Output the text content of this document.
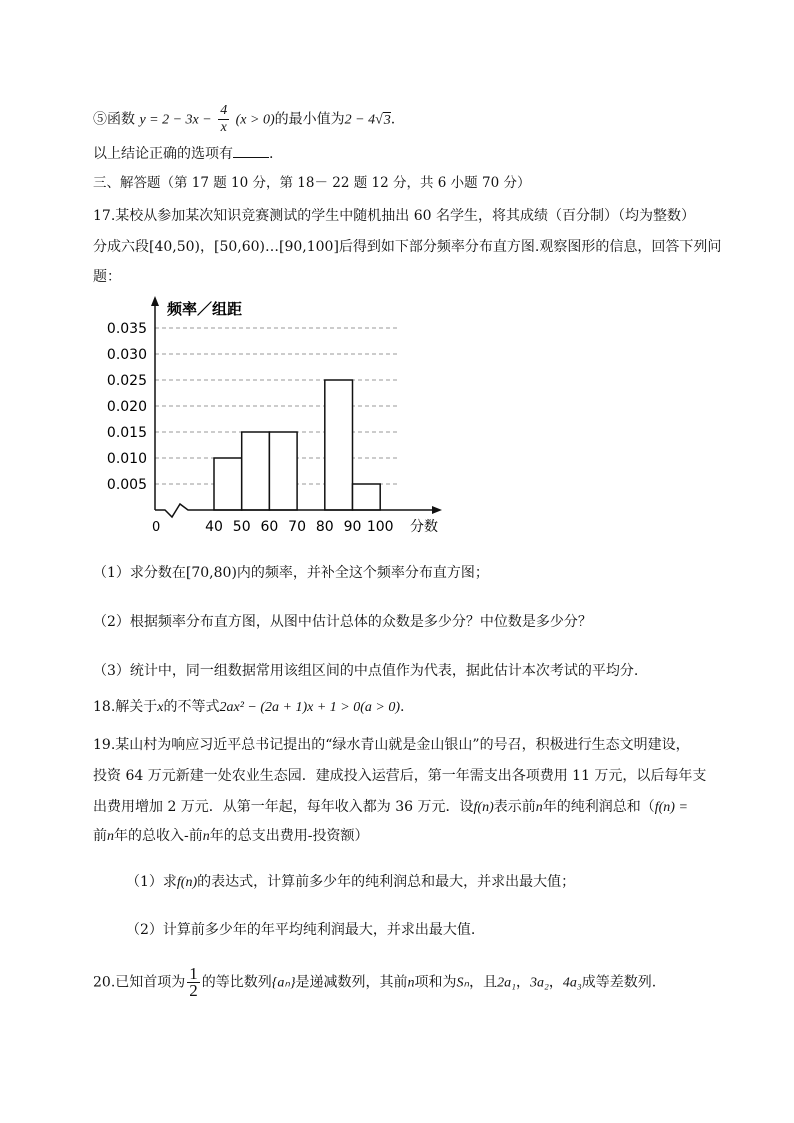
⑤函数 $y = 2 - 3x - \frac{4}{x} (x > 0)$的最小值为2 − 4√3.
以上结论正确的选项有	.
三、解答题（第 17 题 10 分，第 18－ 22 题 12 分，共 6 小题 70 分）
17.某校从参加某次知识竞赛测试的学生中随机抽出 60 名学生，将其成绩（百分制）（均为整数）
分成六段[40,50)，[50,60)…[90,100]后得到如下部分频率分布直方图.观察图形的信息，回答下列问
题：
频率／组距
分数
0
0.005
0.010
0.015
0.020
0.025
0.030
0.035
40 50 60 70 80 90 100
（1）求分数在[70,80)内的频率，并补全这个频率分布直方图；
（2）根据频率分布直方图，从图中估计总体的众数是多少分？中位数是多少分？
（3）统计中，同一组数据常用该组区间的中点值作为代表，据此估计本次考试的平均分.
18.解关于x的不等式2ax² − (2a + 1)x + 1 > 0(a > 0).
19.某山村为响应习近平总书记提出的“绿水青山就是金山银山”的号召，积极进行生态文明建设，
投资 64 万元新建一处农业生态园．建成投入运营后，第一年需支出各项费用 11 万元，以后每年支
出费用增加 2 万元．从第一年起，每年收入都为 36 万元．设f(n)表示前n年的纯利润总和（f(n) =
前n年的总收入-前n年的总支出费用-投资额）
（1）求f(n)的表达式，计算前多少年的纯利润总和最大，并求出最大值；
（2）计算前多少年的年平均纯利润最大，并求出最大值.
20.已知首项为 $\frac{1}{2}$ 的等比数列{aₙ}是递减数列，其前n项和为Sₙ，且2a₁，3a₂，4a₃成等差数列.
